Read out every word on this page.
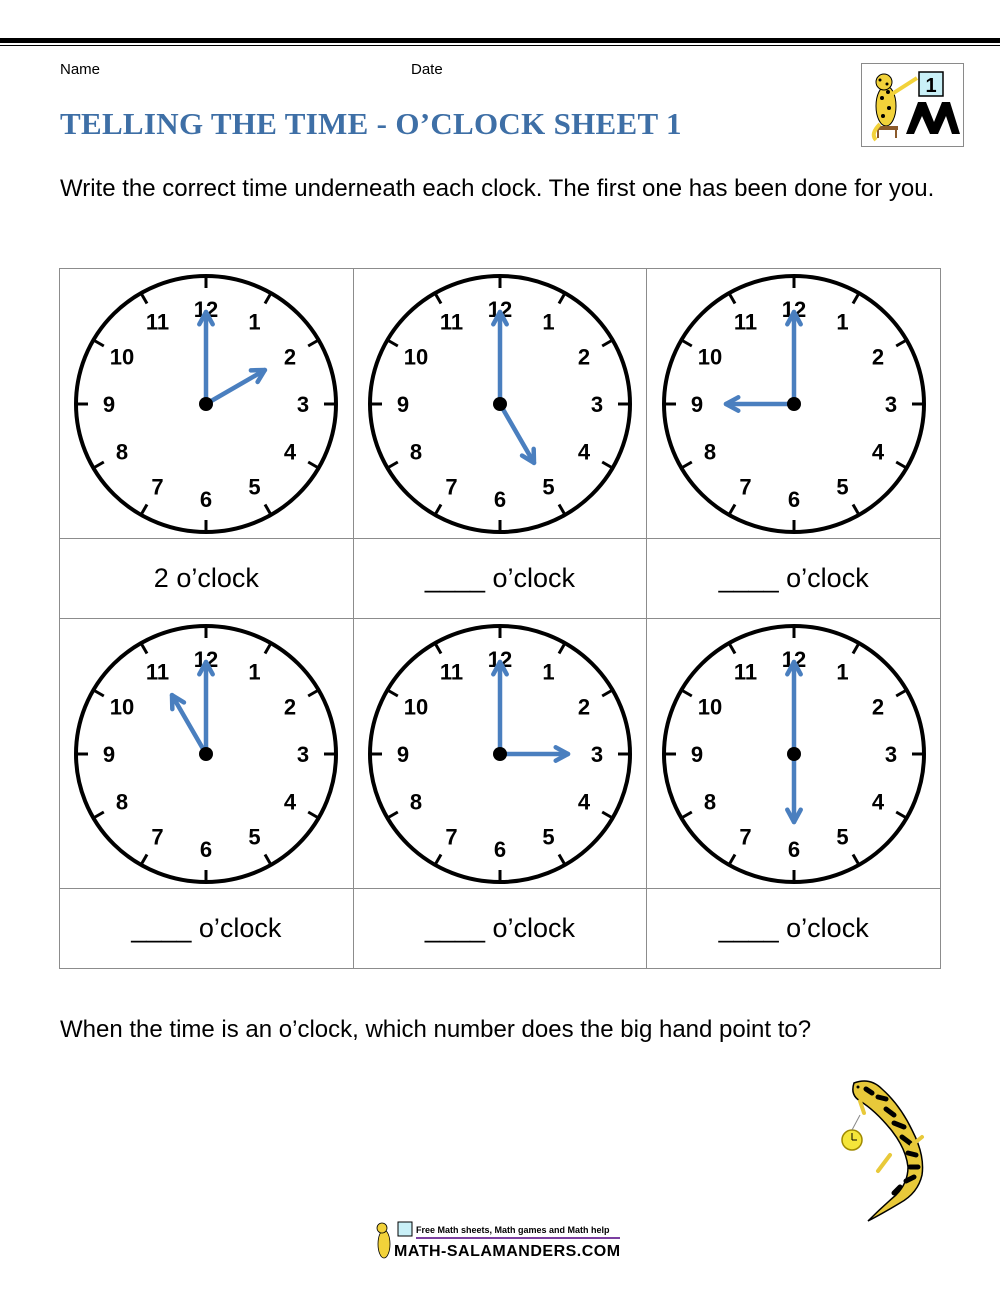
Name	Date
TELLING THE TIME - O’CLOCK SHEET 1
1

Write the correct time underneath each clock. The first one has been done for you.

12
1
2
3
4
5
6
7
8
9
10
11

12
1
2
3
4
5
6
7
8
9
10
11

12
1
2
3
4
5
6
7
8
9
10
11

2 o’clock	____ o’clock	____ o’clock

12
1
2
3
4
5
6
7
8
9
10
11

12
1
2
3
4
5
6
7
8
9
10
11

12
1
2
3
4
5
6
7
8
9
10
11

____ o’clock	____ o’clock	____ o’clock

When the time is an o’clock, which number does the big hand point to?

Free Math sheets, Math games and Math help
MATH-SALAMANDERS.COM
